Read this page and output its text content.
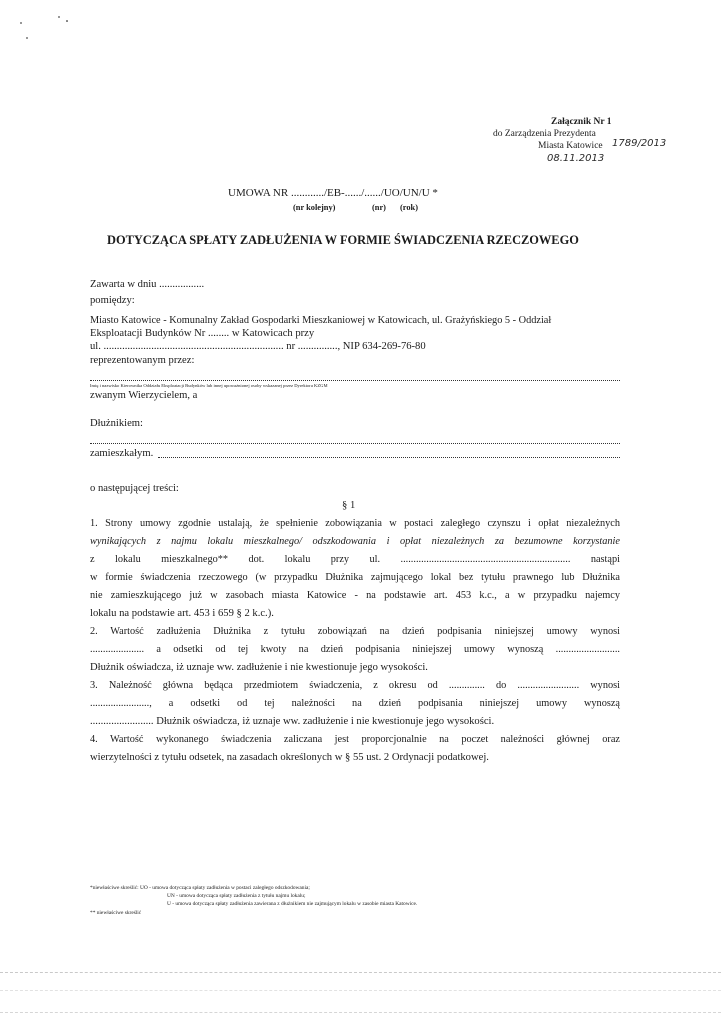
Załącznik Nr 1
do Zarządzenia Prezydenta
Miasta Katowice 1789/2013
08.11.2013
UMOWA NR ............/EB-....../....../UO/UN/U *
(nr kolejny)	(nr) (rok)
DOTYCZĄCA SPŁATY ZADŁUŻENIA W FORMIE ŚWIADCZENIA RZECZOWEGO
Zawarta w dniu .................
pomiędzy:
Miasto Katowice - Komunalny Zakład Gospodarki Mieszkaniowej w Katowicach, ul. Grażyńskiego 5 - Oddział
Eksploatacji Budynków Nr ........ w Katowicach przy
ul. .................................................................... nr ..............., NIP 634-269-76-80
reprezentowanym przez:
Imię i nazwisko Kierownika Oddziału Eksploatacji Budynków lub innej upoważnionej osoby wskazanej przez Dyrektora KZGM
zwanym Wierzycielem, a
Dłużnikiem:
zamieszkałym.
o następującej treści:
§ 1
1. Strony umowy zgodnie ustalają, że spełnienie zobowiązania w postaci zaległego czynszu i opłat niezależnych
wynikających z najmu lokalu mieszkalnego/ odszkodowania i opłat niezależnych za bezumowne korzystanie
z lokalu mieszkalnego** dot. lokalu przy ul. .................................................................. nastąpi
w formie świadczenia rzeczowego (w przypadku Dłużnika zajmującego lokal bez tytułu prawnego lub Dłużnika
nie zamieszkującego już w zasobach miasta Katowice - na podstawie art. 453 k.c., a w przypadku najemcy
lokalu na podstawie art. 453 i 659 § 2 k.c.).
2. Wartość zadłużenia Dłużnika z tytułu zobowiązań na dzień podpisania niniejszej umowy wynosi
..................... a odsetki od tej kwoty na dzień podpisania niniejszej umowy wynoszą .........................
Dłużnik oświadcza, iż uznaje ww. zadłużenie i nie kwestionuje jego wysokości.
3. Należność główna będąca przedmiotem świadczenia, z okresu od .............. do ........................ wynosi
......................., a odsetki od tej należności na dzień podpisania niniejszej umowy wynoszą
........................ Dłużnik oświadcza, iż uznaje ww. zadłużenie i nie kwestionuje jego wysokości.
4. Wartość wykonanego świadczenia zaliczana jest proporcjonalnie na poczet należności głównej oraz
wierzytelności z tytułu odsetek, na zasadach określonych w § 55 ust. 2 Ordynacji podatkowej.
*niewłaściwe skreślić: UO - umowa dotycząca spłaty zadłużenia w postaci zaległego odszkodowania;
UN - umowa dotycząca spłaty zadłużenia z tytułu najmu lokalu;
U - umowa dotycząca spłaty zadłużenia zawierana z dłużnikiem nie zajmującym lokalu w zasobie miasta Katowice.
** niewłaściwe skreślić
